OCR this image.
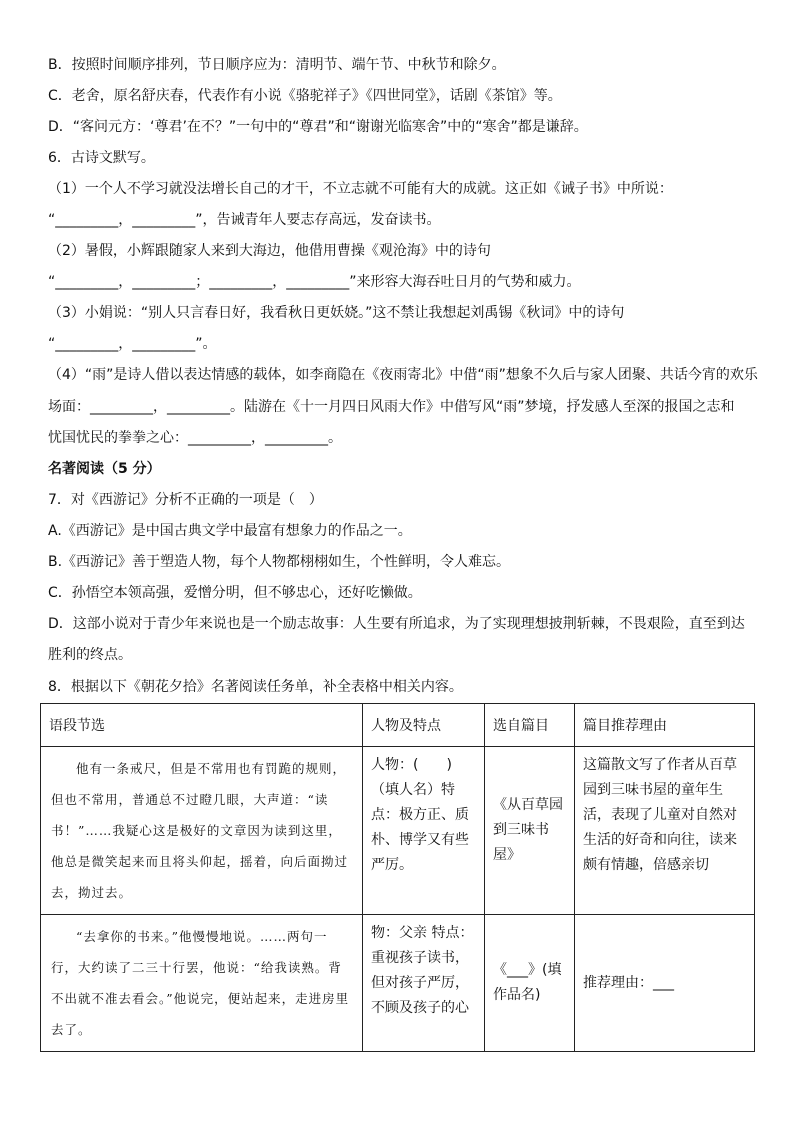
B．按照时间顺序排列，节日顺序应为：清明节、端午节、中秋节和除夕。
C．老舍，原名舒庆春，代表作有小说《骆驼祥子》《四世同堂》，话剧《茶馆》等。
D．“客问元方：‘尊君’在不？”一句中的“尊君”和“谢谢光临寒舍”中的“寒舍”都是谦辞。
6．古诗文默写。
（1）一个人不学习就没法增长自己的才干，不立志就不可能有大的成就。这正如《诫子书》中所说：
“_________，_________”，告诫青年人要志存高远，发奋读书。
（2）暑假，小辉跟随家人来到大海边，他借用曹操《观沧海》中的诗句
“_________，_________；_________，_________”来形容大海吞吐日月的气势和威力。
（3）小娟说：“别人只言春日好，我看秋日更妖娆。”这不禁让我想起刘禹锡《秋词》中的诗句
“_________，_________”。
（4）“雨”是诗人借以表达情感的载体，如李商隐在《夜雨寄北》中借“雨”想象不久后与家人团聚、共话今宵的欢乐
场面：_________，_________。陆游在《十一月四日风雨大作》中借写风“雨”梦境，抒发感人至深的报国之志和
忧国忧民的拳拳之心：_________，_________。
名著阅读（5 分）
7．对《西游记》分析不正确的一项是（　）
A.《西游记》是中国古典文学中最富有想象力的作品之一。
B.《西游记》善于塑造人物，每个人物都栩栩如生，个性鲜明，令人难忘。
C．孙悟空本领高强，爱憎分明，但不够忠心，还好吃懒做。
D．这部小说对于青少年来说也是一个励志故事：人生要有所追求，为了实现理想披荆斩棘，不畏艰险，直至到达
胜利的终点。
8．根据以下《朝花夕拾》名著阅读任务单，补全表格中相关内容。
语段节选	人物及特点	选自篇目	篇目推荐理由

他有一条戒尺，但是不常用也有罚跪的规则，但也不常用，普通总不过瞪几眼，大声道：“读书！”……我疑心这是极好的文章因为读到这里，他总是微笑起来而且将头仰起，摇着，向后面拗过去，拗过去。	人物：(　　)（填人名）特点：极方正、质朴、博学又有些严厉。	《从百草园到三味书屋》	这篇散文写了作者从百草园到三味书屋的童年生活，表现了儿童对自然对生活的好奇和向往，读来颇有情趣，倍感亲切

“去拿你的书来。”他慢慢地说。……两句一行，大约读了二三十行罢，他说：“给我读熟。背不出就不准去看会。”他说完，便站起来，走进房里去了。	物：父亲 特点：重视孩子读书，但对孩子严厉，不顾及孩子的心	《___》(填作品名)	推荐理由：___
